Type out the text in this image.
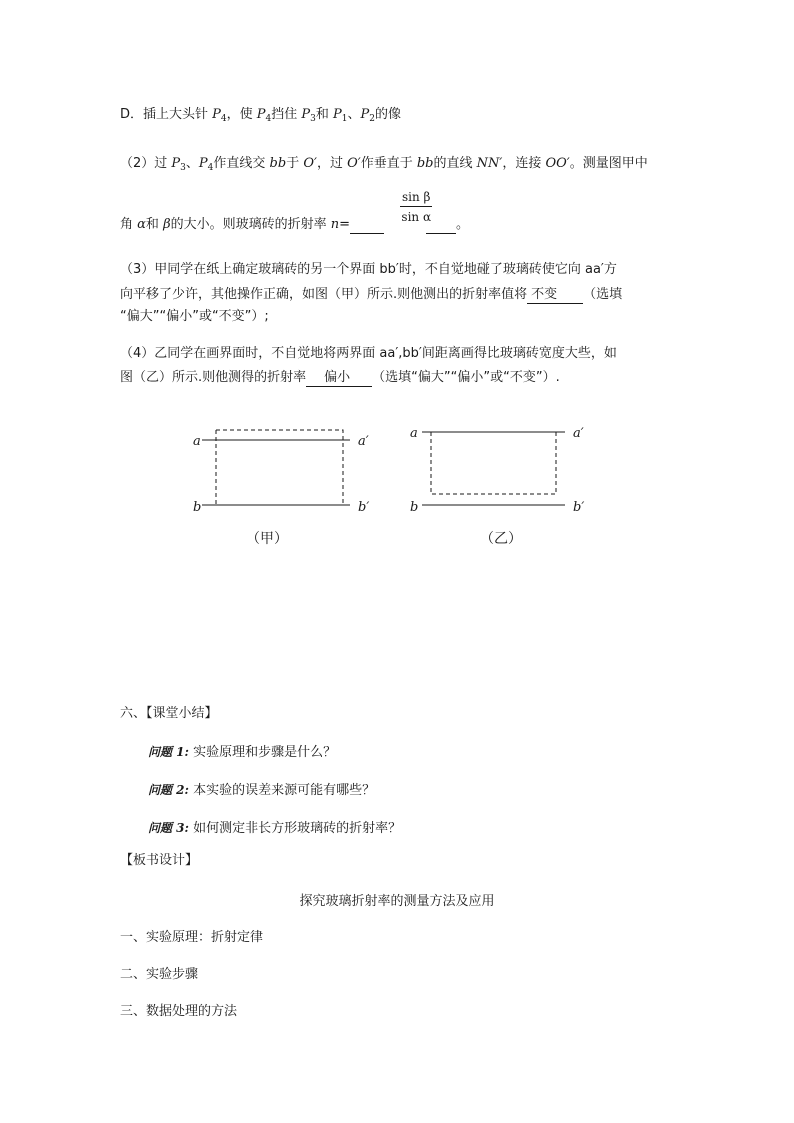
D．插上大头针 $P_4$，使 $P_4$挡住 $P_3$和 $P_1$、$P_2$的像
（2）过 $P_3$、$P_4$作直线交 bb于 O′，过 O′作垂直于 bb的直线 NN′，连接 OO′。测量图甲中
$\frac{\text{sin β}}{\text{sin α}}$
角 α和 β的大小。则玻璃砖的折射率 n=	。
（3）甲同学在纸上确定玻璃砖的另一个界面 bb′时，不自觉地碰了玻璃砖使它向 aa′方
向平移了少许，其他操作正确，如图（甲）所示.则他测出的折射率值将 不变 （选填
“偏大”“偏小”或“不变”）;
（4）乙同学在画界面时，不自觉地将两界面 aa′,bb′间距离画得比玻璃砖宽度大些，如
图（乙）所示.则他测得的折射率 偏小 （选填“偏大”“偏小”或“不变”）.
a	a′
b	b′
（甲）
a	a′
b	b′
（乙）
六、【课堂小结】
问题 1: 实验原理和步骤是什么？
问题 2: 本实验的误差来源可能有哪些？
问题 3: 如何测定非长方形玻璃砖的折射率？
【板书设计】
探究玻璃折射率的测量方法及应用
一、实验原理：折射定律
二、实验步骤
三、数据处理的方法
